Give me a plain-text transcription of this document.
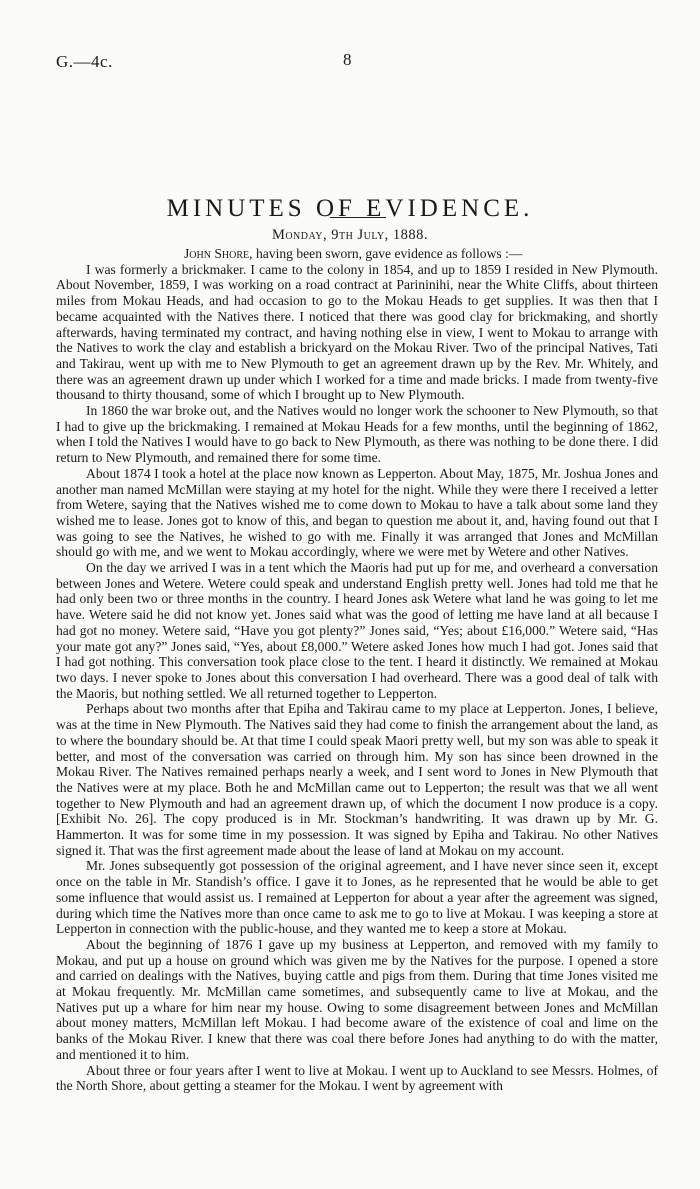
G.—4c.	8
MINUTES OF EVIDENCE.
Monday, 9th July, 1888.

John Shore, having been sworn, gave evidence as follows :—

I was formerly a brickmaker. I came to the colony in 1854, and up to 1859 I resided in New Plymouth. About November, 1859, I was working on a road contract at Parininihi, near the White Cliffs, about thirteen miles from Mokau Heads, and had occasion to go to the Mokau Heads to get supplies. It was then that I became acquainted with the Natives there. I noticed that there was good clay for brickmaking, and shortly afterwards, having terminated my contract, and having nothing else in view, I went to Mokau to arrange with the Natives to work the clay and establish a brickyard on the Mokau River. Two of the principal Natives, Tati and Takirau, went up with me to New Plymouth to get an agreement drawn up by the Rev. Mr. Whitely, and there was an agreement drawn up under which I worked for a time and made bricks. I made from twenty-five thousand to thirty thousand, some of which I brought up to New Plymouth.

In 1860 the war broke out, and the Natives would no longer work the schooner to New Plymouth, so that I had to give up the brickmaking. I remained at Mokau Heads for a few months, until the beginning of 1862, when I told the Natives I would have to go back to New Plymouth, as there was nothing to be done there. I did return to New Plymouth, and remained there for some time.

About 1874 I took a hotel at the place now known as Lepperton. About May, 1875, Mr. Joshua Jones and another man named McMillan were staying at my hotel for the night. While they were there I received a letter from Wetere, saying that the Natives wished me to come down to Mokau to have a talk about some land they wished me to lease. Jones got to know of this, and began to question me about it, and, having found out that I was going to see the Natives, he wished to go with me. Finally it was arranged that Jones and McMillan should go with me, and we went to Mokau accordingly, where we were met by Wetere and other Natives.

On the day we arrived I was in a tent which the Maoris had put up for me, and overheard a conversation between Jones and Wetere. Wetere could speak and understand English pretty well. Jones had told me that he had only been two or three months in the country. I heard Jones ask Wetere what land he was going to let me have. Wetere said he did not know yet. Jones said what was the good of letting me have land at all because I had got no money. Wetere said, “Have you got plenty?” Jones said, “Yes; about £16,000.” Wetere said, “Has your mate got any?” Jones said, “Yes, about £8,000.” Wetere asked Jones how much I had got. Jones said that I had got nothing. This conversation took place close to the tent. I heard it distinctly. We remained at Mokau two days. I never spoke to Jones about this conversation I had overheard. There was a good deal of talk with the Maoris, but nothing settled. We all returned together to Lepperton.

Perhaps about two months after that Epiha and Takirau came to my place at Lepperton. Jones, I believe, was at the time in New Plymouth. The Natives said they had come to finish the arrangement about the land, as to where the boundary should be. At that time I could speak Maori pretty well, but my son was able to speak it better, and most of the conversation was carried on through him. My son has since been drowned in the Mokau River. The Natives remained perhaps nearly a week, and I sent word to Jones in New Plymouth that the Natives were at my place. Both he and McMillan came out to Lepperton; the result was that we all went together to New Plymouth and had an agreement drawn up, of which the document I now produce is a copy. [Exhibit No. 26]. The copy produced is in Mr. Stockman’s handwriting. It was drawn up by Mr. G. Hammerton. It was for some time in my possession. It was signed by Epiha and Takirau. No other Natives signed it. That was the first agreement made about the lease of land at Mokau on my account.

Mr. Jones subsequently got possession of the original agreement, and I have never since seen it, except once on the table in Mr. Standish’s office. I gave it to Jones, as he represented that he would be able to get some influence that would assist us. I remained at Lepperton for about a year after the agreement was signed, during which time the Natives more than once came to ask me to go to live at Mokau. I was keeping a store at Lepperton in connection with the public-house, and they wanted me to keep a store at Mokau.

About the beginning of 1876 I gave up my business at Lepperton, and removed with my family to Mokau, and put up a house on ground which was given me by the Natives for the purpose. I opened a store and carried on dealings with the Natives, buying cattle and pigs from them. During that time Jones visited me at Mokau frequently. Mr. McMillan came sometimes, and subsequently came to live at Mokau, and the Natives put up a whare for him near my house. Owing to some disagreement between Jones and McMillan about money matters, McMillan left Mokau. I had become aware of the existence of coal and lime on the banks of the Mokau River. I knew that there was coal there before Jones had anything to do with the matter, and mentioned it to him.

About three or four years after I went to live at Mokau. I went up to Auckland to see Messrs. Holmes, of the North Shore, about getting a steamer for the Mokau. I went by agreement with
